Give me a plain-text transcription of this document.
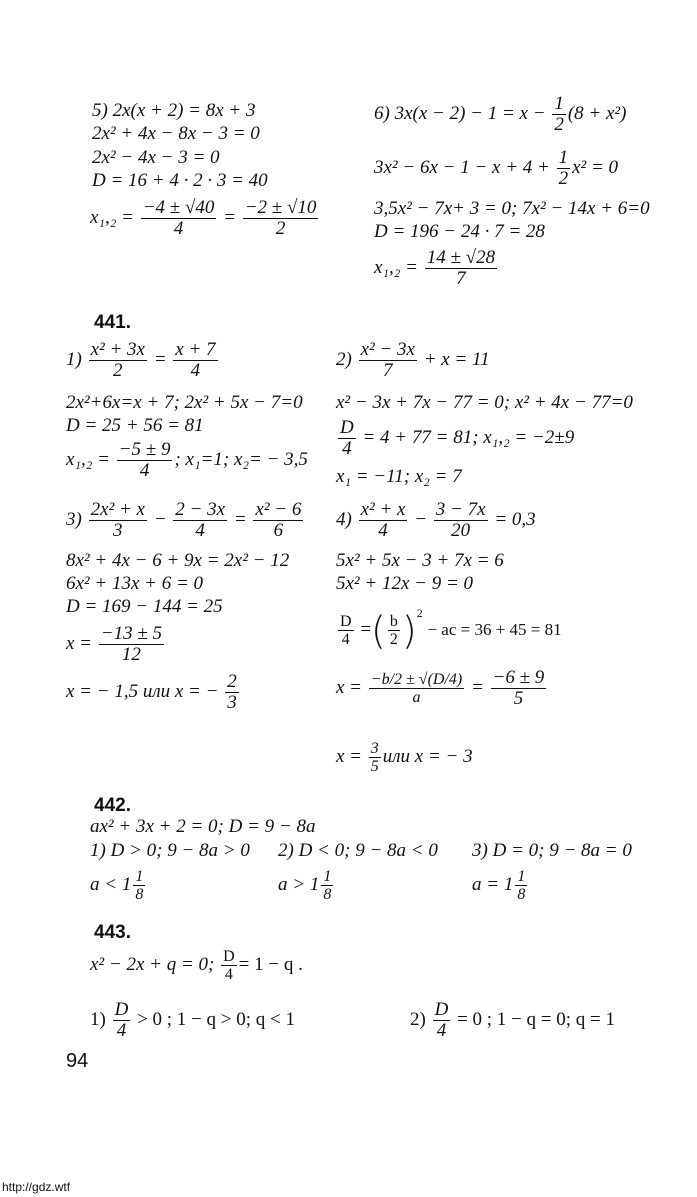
5) 2x(x + 2) = 8x + 3
2x² + 4x − 8x − 3 = 0
2x² − 4x − 3 = 0
D = 16 + 4 · 2 · 3 = 40
$x_1,_2 = \frac{-4 \pm √40}{4} = \frac{-2 \pm √10}{2}$
6) $3x(x - 2) - 1 = x - \frac{1}{2} (8 + x^2)$
$3x^2 - 6x - 1 - x + 4 + \frac{1}{2} x^2 = 0$
3,5x² − 7x+ 3 = 0; 7x² − 14x + 6=0
D = 196 − 24 · 7 = 28
$x_1,_2 = \frac{14 \pm √28}{7}$
441.
$1) \frac{\text{x² + 3x}}{2} = \frac{x + 7}{4}$
2x²+6x=x + 7; 2x² + 5x − 7=0
D = 25 + 56 = 81
$x_1,_2 = \frac{-5 \pm 9}{4}$ ; x₁=1; x₂= − 3,5
$2) \frac{\text{x² − 3x}}{7} + x = 11$
x² − 3x + 7x − 77 = 0; x² + 4x − 77=0
$\frac{D}{4} = 4 + 77 = 81$; x₁,₂ = −2±9
x₁ = −11; x₂ = 7
$3) \frac{\text{2x² + x}}{3} - \frac{2 - 3x}{4} = \frac{\text{x² − 6}}{6}$
8x² + 4x − 6 + 9x = 2x² − 12
6x² + 13x + 6 = 0
D = 169 − 144 = 25
$x = \frac{-13 \pm 5}{12}$
x = − 1,5 или x = − $\frac{2}{3}$
$4) \frac{\text{x² + x}}{4} - \frac{3 - 7x}{20} = 0,3$
5x² + 5x − 3 + 7x = 6
5x² + 12x − 9 = 0
$\frac{D}{4}$ =( $\frac{b}{2} )^2$ − ac = 36 + 45 = 81
$x = \frac{-b/2 \pm √(D/4)}{a} = \frac{-6 \pm 9}{5}$
$x = \frac{3}{5}$ или x = − 3
442.
ax² + 3x + 2 = 0; D = 9 − 8a
1) D > 0; 9 − 8a > 0 2) D < 0; 9 − 8a < 0 3) D = 0; 9 − 8a = 0
$a < 1 \frac{1}{8}$	$a > 1 \frac{1}{8}$	$a = 1 \frac{1}{8}$
443.
x² − 2x + q = 0; $\frac{D}{4} = 1 - q$ .
$1) \frac{D}{4} > 0$ ; 1 − q > 0; q < 1	$2) \frac{D}{4} = 0$ ; 1 − q = 0; q = 1
94
http://gdz.wtf
